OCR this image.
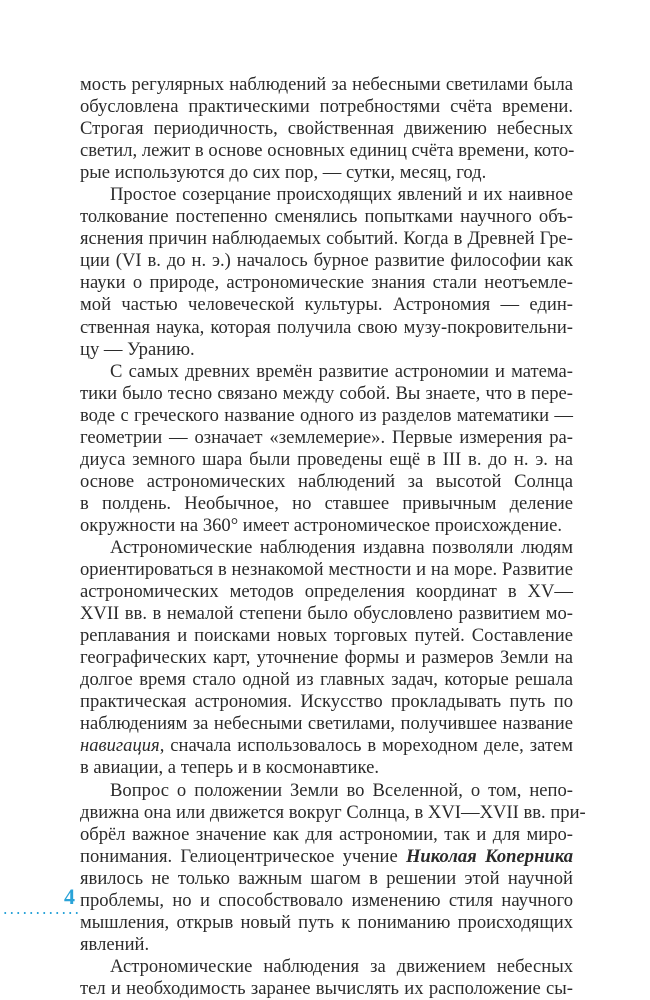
мость регулярных наблюдений за небесными светилами была
обусловлена практическими потребностями счёта времени.
Строгая периодичность, свойственная движению небесных
светил, лежит в основе основных единиц счёта времени, кото-
рые используются до сих пор, — сутки, месяц, год.
Простое созерцание происходящих явлений и их наивное
толкование постепенно сменялись попытками научного объ-
яснения причин наблюдаемых событий. Когда в Древней Гре-
ции (VI в. до н. э.) началось бурное развитие философии как
науки о природе, астрономические знания стали неотъемле-
мой частью человеческой культуры. Астрономия — един-
ственная наука, которая получила свою музу-покровительни-
цу — Уранию.
С самых древних времён развитие астрономии и матема-
тики было тесно связано между собой. Вы знаете, что в пере-
воде с греческого название одного из разделов математики —
геометрии — означает «землемерие». Первые измерения ра-
диуса земного шара были проведены ещё в III в. до н. э. на
основе астрономических наблюдений за высотой Солнца
в полдень. Необычное, но ставшее привычным деление
окружности на 360° имеет астрономическое происхождение.
Астрономические наблюдения издавна позволяли людям
ориентироваться в незнакомой местности и на море. Развитие
астрономических методов определения координат в XV—
XVII вв. в немалой степени было обусловлено развитием мо-
реплавания и поисками новых торговых путей. Составление
географических карт, уточнение формы и размеров Земли на
долгое время стало одной из главных задач, которые решала
практическая астрономия. Искусство прокладывать путь по
наблюдениям за небесными светилами, получившее название
навигация, сначала использовалось в мореходном деле, затем
в авиации, а теперь и в космонавтике.
Вопрос о положении Земли во Вселенной, о том, непо-
движна она или движется вокруг Солнца, в XVI—XVII вв. при-
обрёл важное значение как для астрономии, так и для миро-
понимания. Гелиоцентрическое учение Николая Коперника
явилось не только важным шагом в решении этой научной
проблемы, но и способствовало изменению стиля научного
мышления, открыв новый путь к пониманию происходящих
явлений.
Астрономические наблюдения за движением небесных
тел и необходимость заранее вычислять их расположение сы-
4
